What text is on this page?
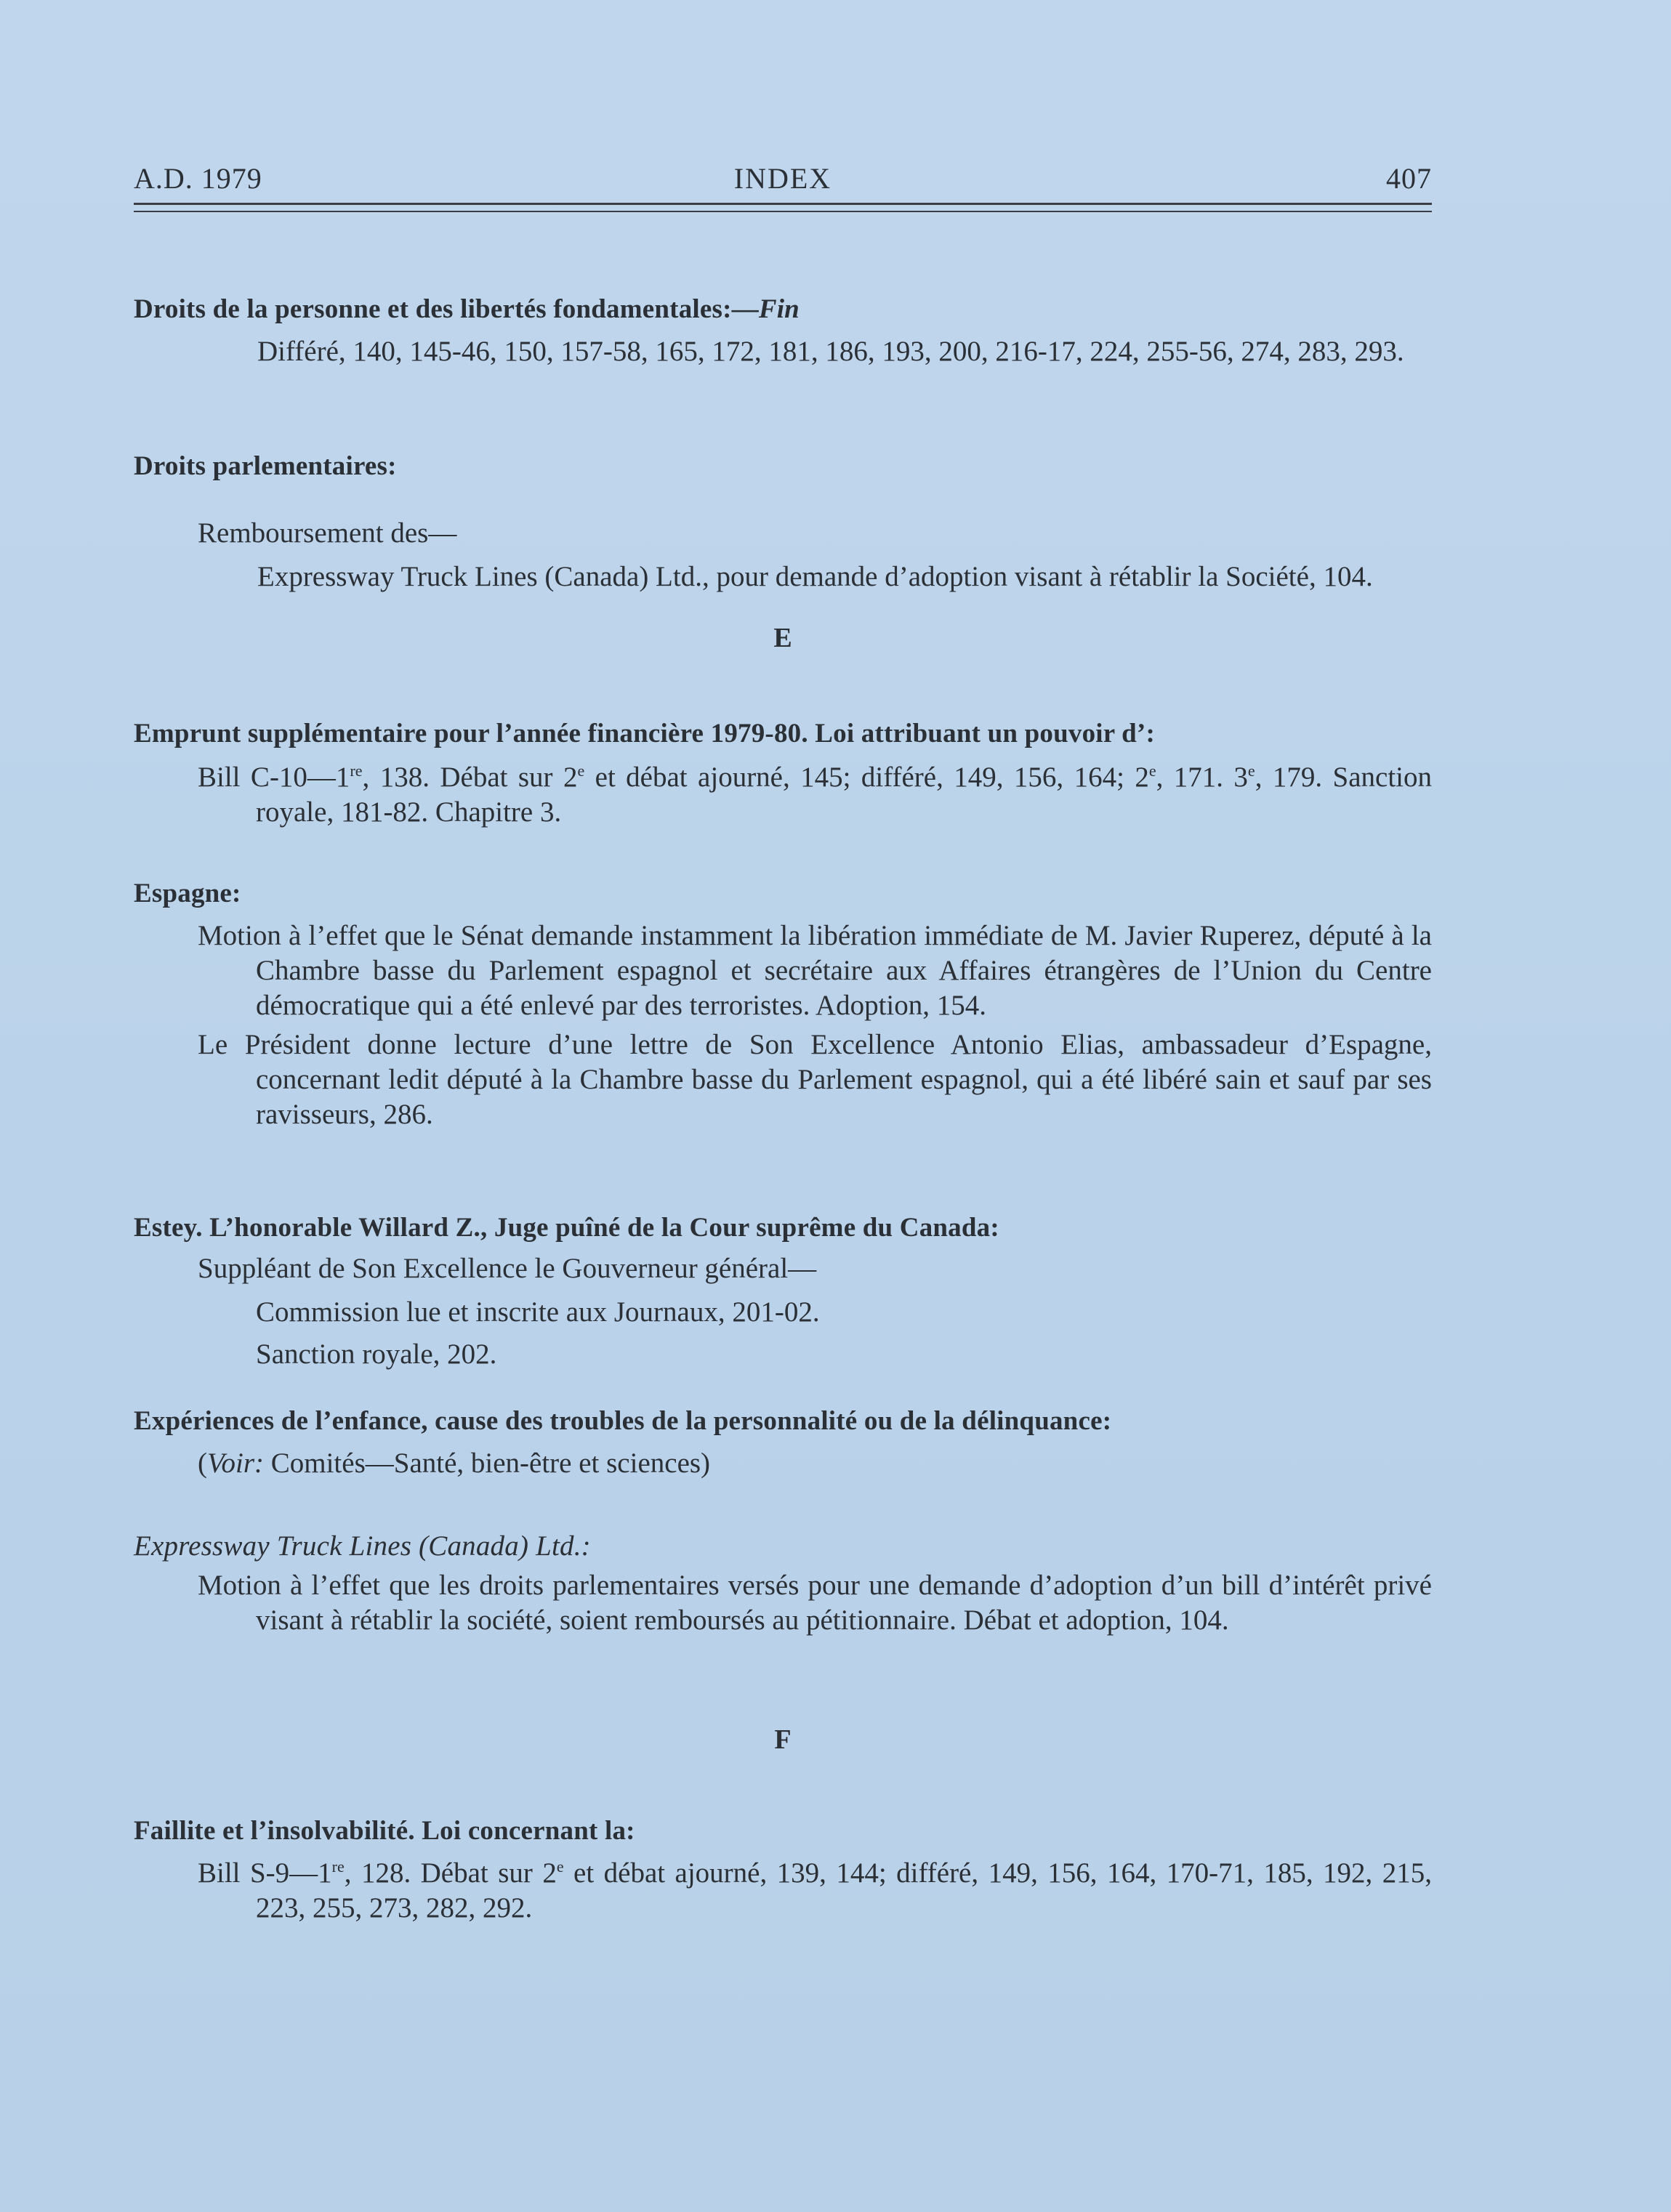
A.D. 1979	INDEX	407
Droits de la personne et des libertés fondamentales:—Fin
Différé, 140, 145-46, 150, 157-58, 165, 172, 181, 186, 193, 200, 216-17, 224, 255-56, 274, 283, 293.
Droits parlementaires:
Remboursement des—
Expressway Truck Lines (Canada) Ltd., pour demande d’adoption visant à rétablir la Société, 104.
E
Emprunt supplémentaire pour l’année financière 1979-80. Loi attribuant un pouvoir d’:
Bill C-10—1re, 138. Débat sur 2e et débat ajourné, 145; différé, 149, 156, 164; 2e, 171. 3e, 179. Sanction royale, 181-82. Chapitre 3.
Espagne:
Motion à l’effet que le Sénat demande instamment la libération immédiate de M. Javier Ruperez, député à la Chambre basse du Parlement espagnol et secrétaire aux Affaires étrangères de l’Union du Centre démocratique qui a été enlevé par des terroristes. Adoption, 154.
Le Président donne lecture d’une lettre de Son Excellence Antonio Elias, ambassadeur d’Espagne, concernant ledit député à la Chambre basse du Parlement espagnol, qui a été libéré sain et sauf par ses ravisseurs, 286.
Estey. L’honorable Willard Z., Juge puîné de la Cour suprême du Canada:
Suppléant de Son Excellence le Gouverneur général—
Commission lue et inscrite aux Journaux, 201-02.
Sanction royale, 202.
Expériences de l’enfance, cause des troubles de la personnalité ou de la délinquance:
(Voir: Comités—Santé, bien-être et sciences)
Expressway Truck Lines (Canada) Ltd.:
Motion à l’effet que les droits parlementaires versés pour une demande d’adoption d’un bill d’intérêt privé visant à rétablir la société, soient remboursés au pétitionnaire. Débat et adoption, 104.
F
Faillite et l’insolvabilité. Loi concernant la:
Bill S-9—1re, 128. Débat sur 2e et débat ajourné, 139, 144; différé, 149, 156, 164, 170-71, 185, 192, 215, 223, 255, 273, 282, 292.
